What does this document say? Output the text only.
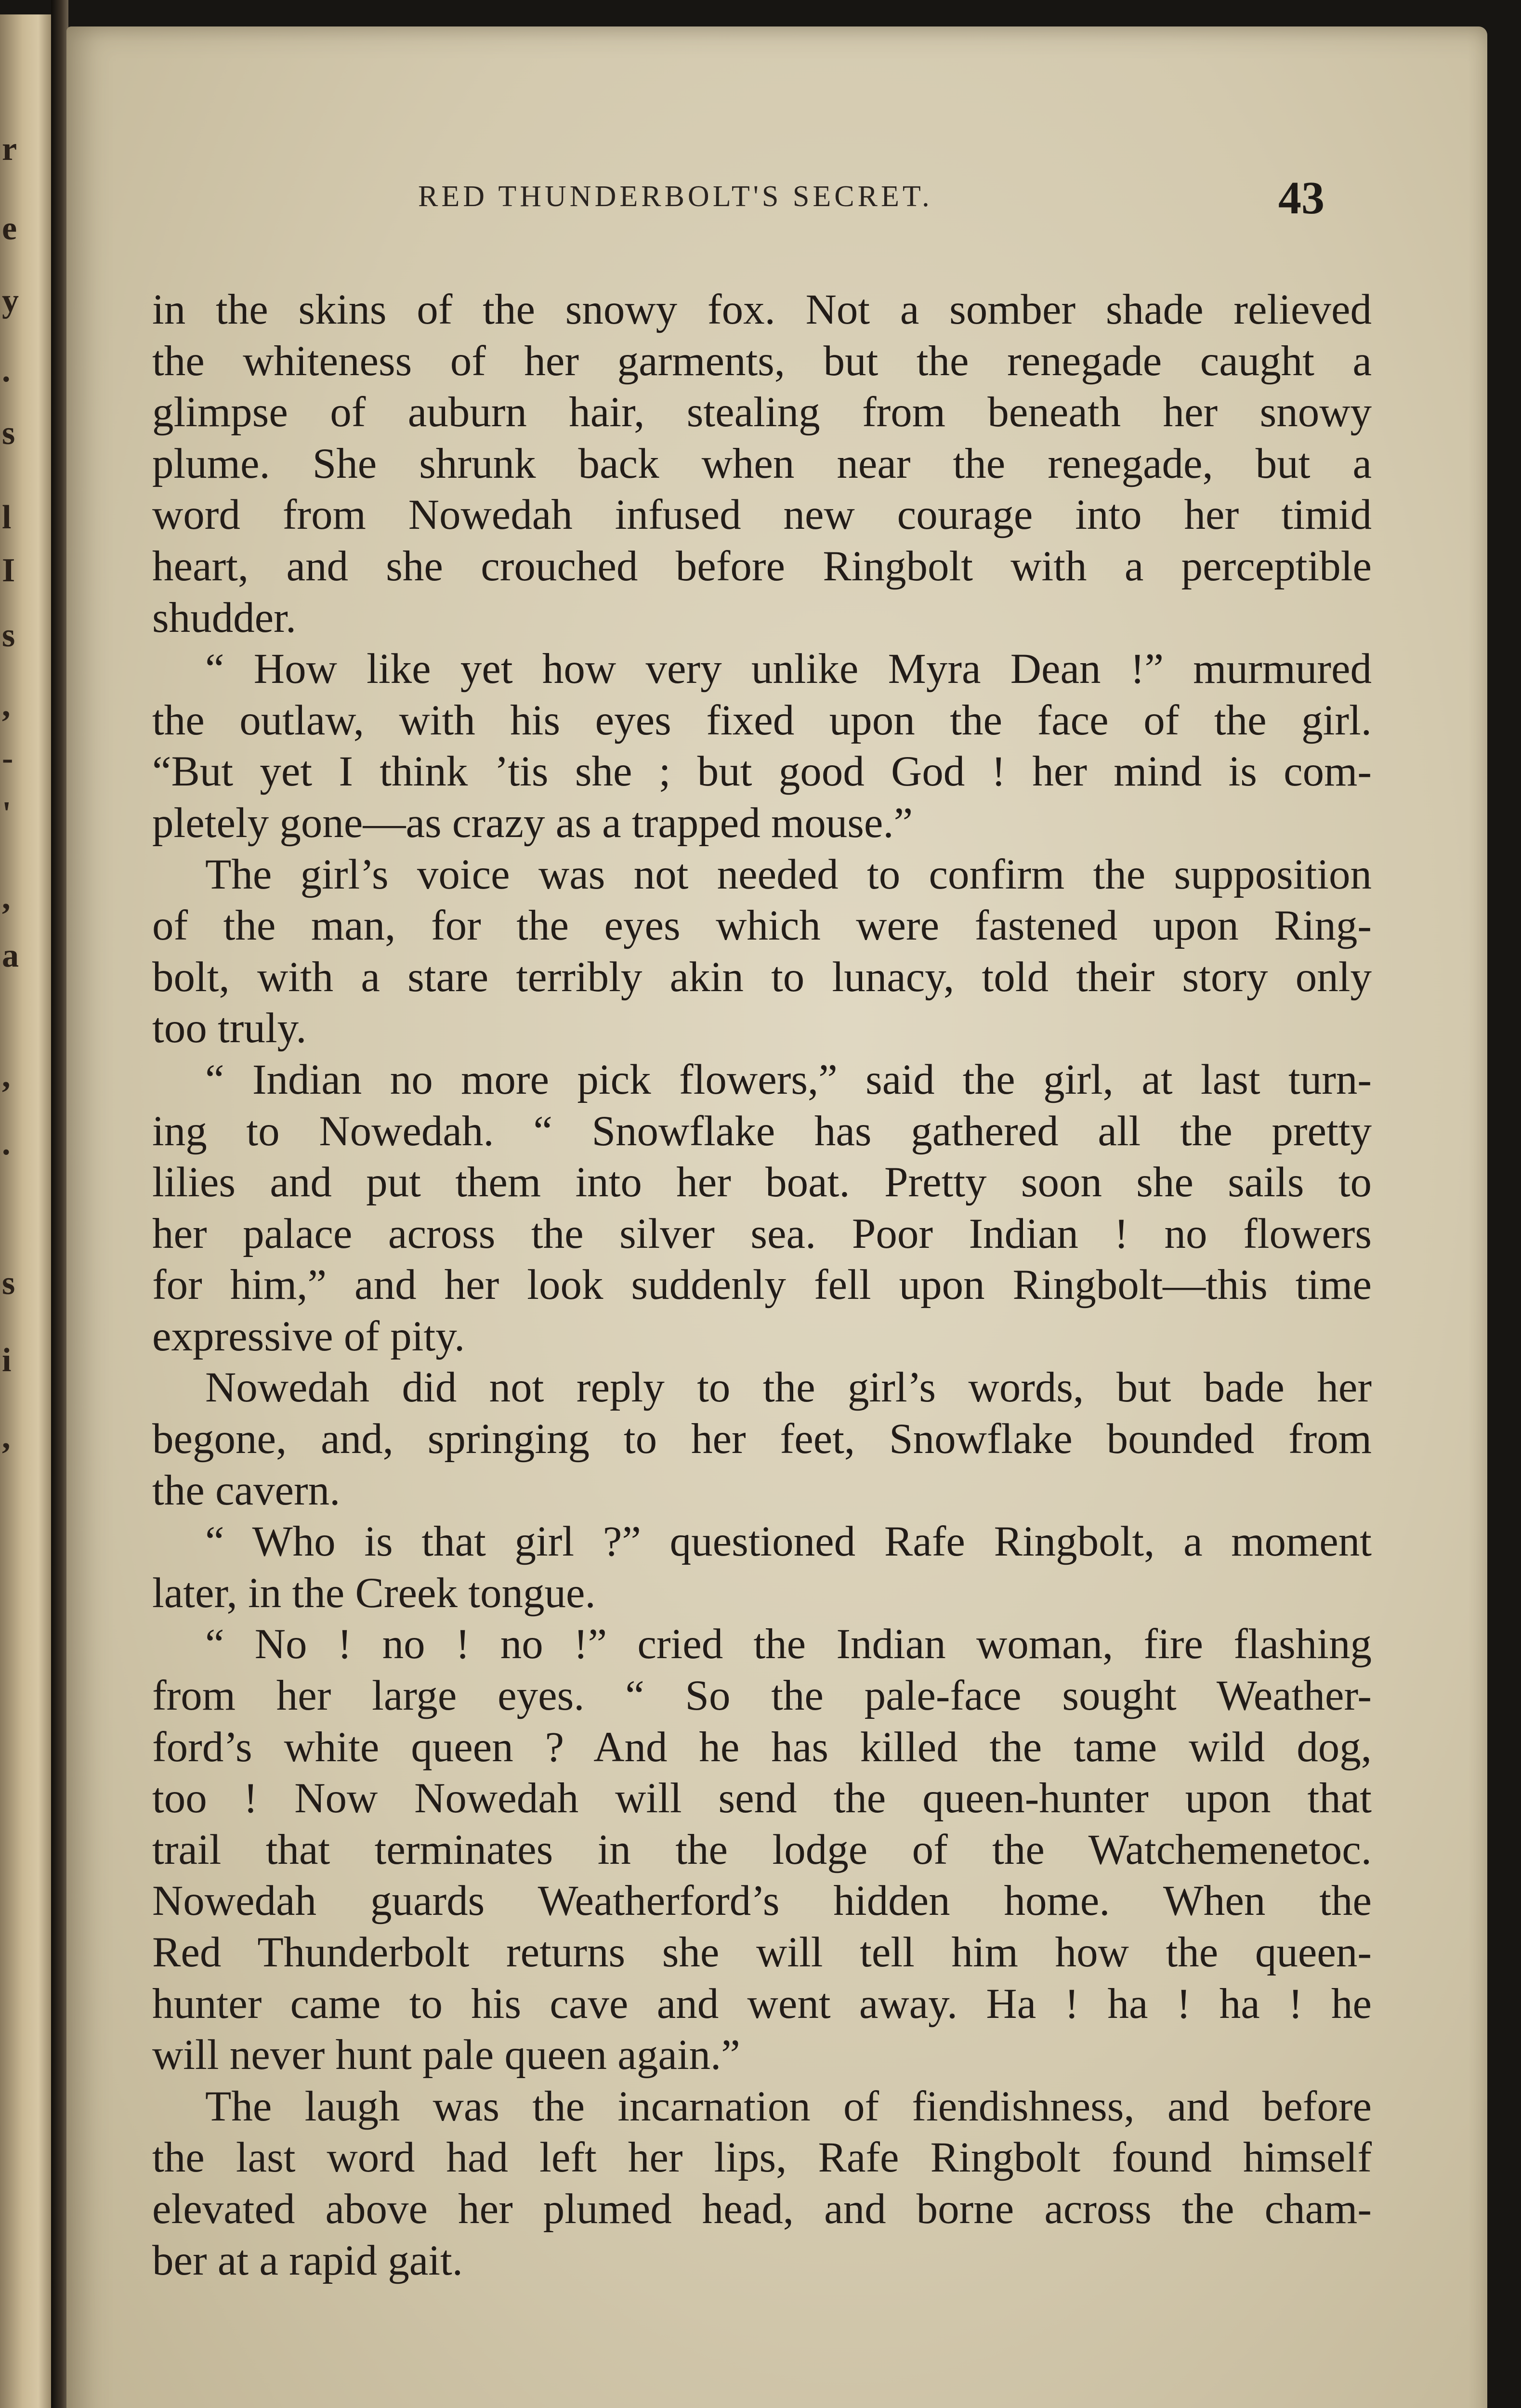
r
e
y
.
s
l
I
s
,
-
'
,
a
,
.
s
i
,
RED THUNDERBOLT'S SECRET.	43
in the skins of the snowy fox. Not a somber shade relieved
the whiteness of her garments, but the renegade caught a
glimpse of auburn hair, stealing from beneath her snowy
plume. She shrunk back when near the renegade, but a
word from Nowedah infused new courage into her timid
heart, and she crouched before Ringbolt with a perceptible
shudder.
“ How like yet how very unlike Myra Dean !” murmured
the outlaw, with his eyes fixed upon the face of the girl.
“But yet I think ’tis she ; but good God ! her mind is com-
pletely gone—as crazy as a trapped mouse.”
The girl’s voice was not needed to confirm the supposition
of the man, for the eyes which were fastened upon Ring-
bolt, with a stare terribly akin to lunacy, told their story only
too truly.
“ Indian no more pick flowers,” said the girl, at last turn-
ing to Nowedah. “ Snowflake has gathered all the pretty
lilies and put them into her boat. Pretty soon she sails to
her palace across the silver sea. Poor Indian ! no flowers
for him,” and her look suddenly fell upon Ringbolt—this time
expressive of pity.
Nowedah did not reply to the girl’s words, but bade her
begone, and, springing to her feet, Snowflake bounded from
the cavern.
“ Who is that girl ?” questioned Rafe Ringbolt, a moment
later, in the Creek tongue.
“ No ! no ! no !” cried the Indian woman, fire flashing
from her large eyes. “ So the pale-face sought Weather-
ford’s white queen ? And he has killed the tame wild dog,
too ! Now Nowedah will send the queen-hunter upon that
trail that terminates in the lodge of the Watchemenetoc.
Nowedah guards Weatherford’s hidden home. When the
Red Thunderbolt returns she will tell him how the queen-
hunter came to his cave and went away. Ha ! ha ! ha ! he
will never hunt pale queen again.”
The laugh was the incarnation of fiendishness, and before
the last word had left her lips, Rafe Ringbolt found himself
elevated above her plumed head, and borne across the cham-
ber at a rapid gait.
